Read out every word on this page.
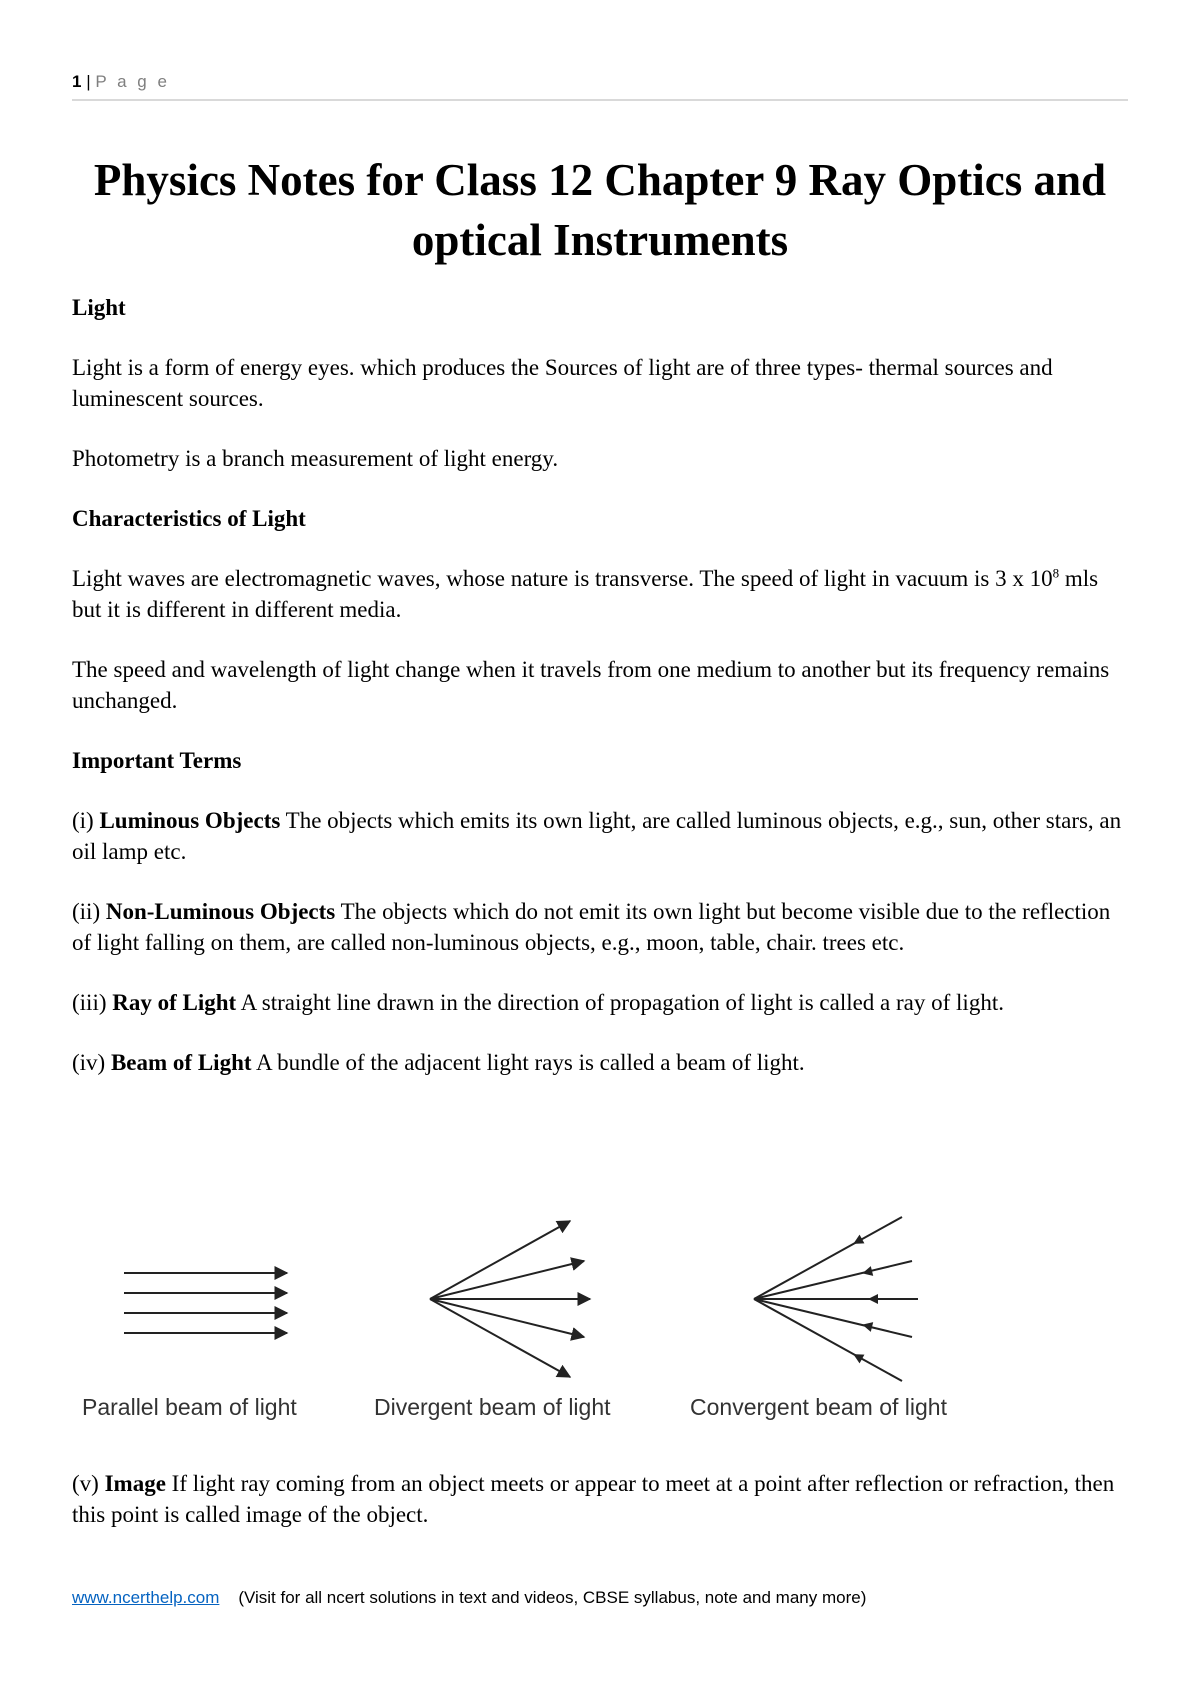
1 | P a g e
Physics Notes for Class 12 Chapter 9 Ray Optics and optical Instruments
Light

Light is a form of energy eyes. which produces the Sources of light are of three types- thermal sources and luminescent sources.

Photometry is a branch measurement of light energy.

Characteristics of Light

Light waves are electromagnetic waves, whose nature is transverse. The speed of light in vacuum is 3 x $10^8$ mls but it is different in different media.

The speed and wavelength of light change when it travels from one medium to another but its frequency remains unchanged.

Important Terms

(i) Luminous Objects The objects which emits its own light, are called luminous objects, e.g., sun, other stars, an oil lamp etc.

(ii) Non-Luminous Objects The objects which do not emit its own light but become visible due to the reflection of light falling on them, are called non-luminous objects, e.g., moon, table, chair. trees etc.

(iii) Ray of Light A straight line drawn in the direction of propagation of light is called a ray of light.

(iv) Beam of Light A bundle of the adjacent light rays is called a beam of light.

Parallel beam of light	Divergent beam of light	Convergent beam of light

(v) Image If light ray coming from an object meets or appear to meet at a point after reflection or refraction, then this point is called image of the object.

www.ncerthelp.com (Visit for all ncert solutions in text and videos, CBSE syllabus, note and many more)
